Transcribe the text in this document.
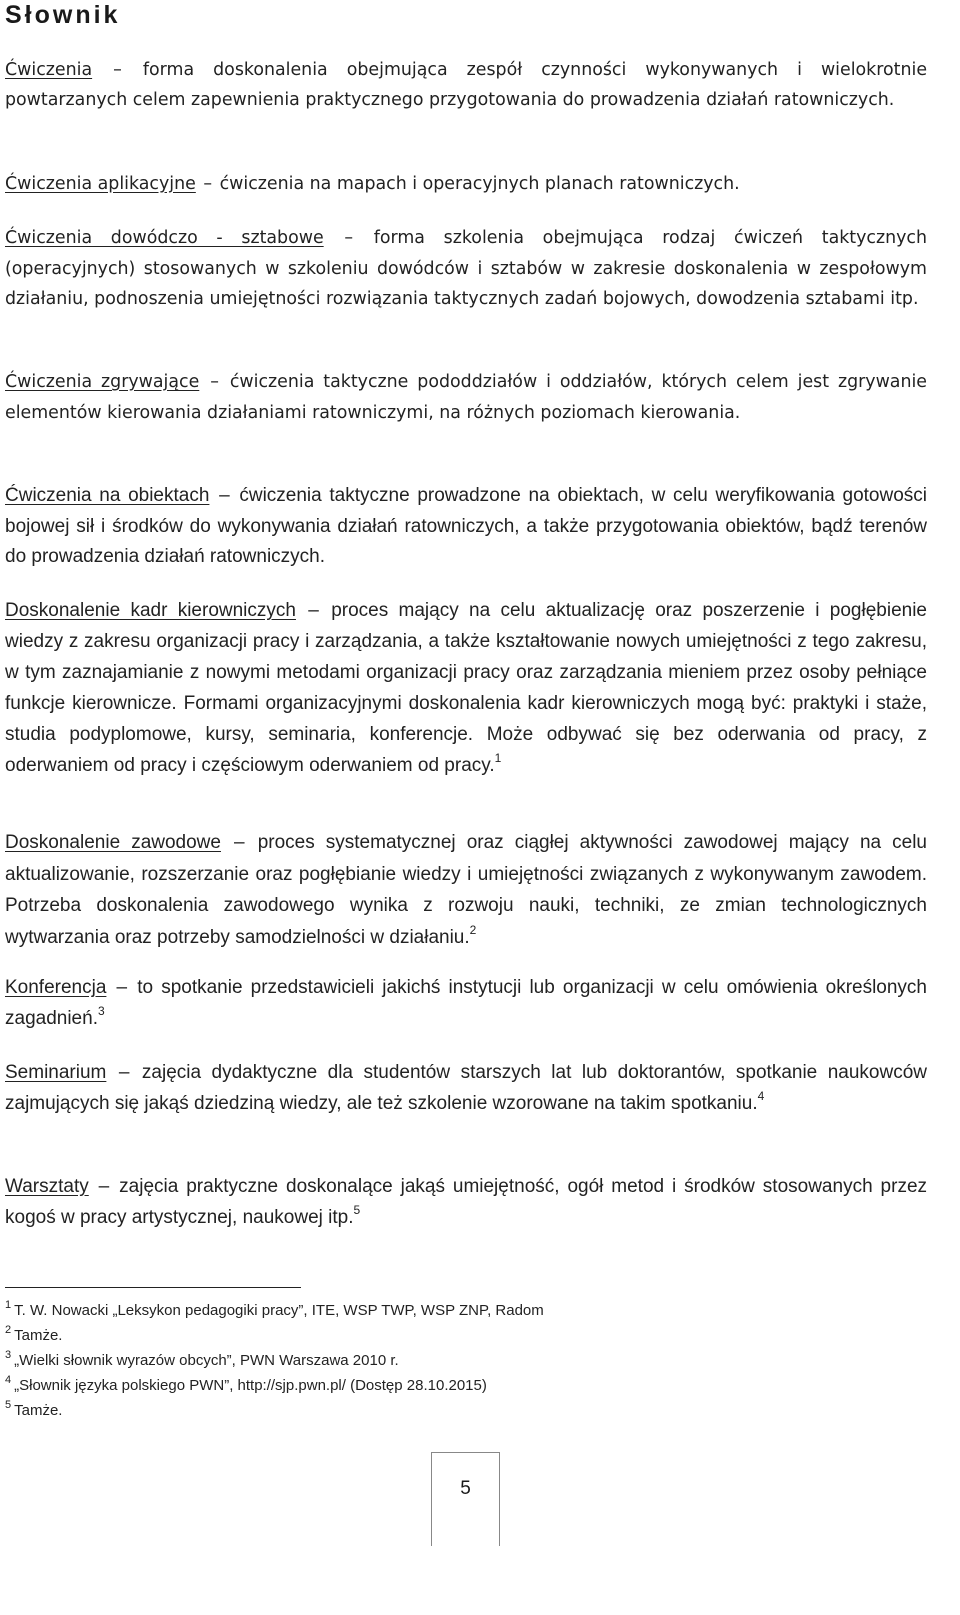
Słownik

Ćwiczenia – forma doskonalenia obejmująca zespół czynności wykonywanych i wielokrotnie powtarzanych celem zapewnienia praktycznego przygotowania do prowadzenia działań ratowniczych.

Ćwiczenia aplikacyjne – ćwiczenia na mapach i operacyjnych planach ratowniczych.

Ćwiczenia dowódczo - sztabowe – forma szkolenia obejmująca rodzaj ćwiczeń taktycznych (operacyjnych) stosowanych w szkoleniu dowódców i sztabów w zakresie doskonalenia w zespołowym działaniu, podnoszenia umiejętności rozwiązania taktycznych zadań bojowych, dowodzenia sztabami itp.

Ćwiczenia zgrywające – ćwiczenia taktyczne pododdziałów i oddziałów, których celem jest zgrywanie elementów kierowania działaniami ratowniczymi, na różnych poziomach kierowania.

Ćwiczenia na obiektach – ćwiczenia taktyczne prowadzone na obiektach, w celu weryfikowania gotowości bojowej sił i środków do wykonywania działań ratowniczych, a także przygotowania obiektów, bądź terenów do prowadzenia działań ratowniczych.

Doskonalenie kadr kierowniczych – proces mający na celu aktualizację oraz poszerzenie i pogłębienie wiedzy z zakresu organizacji pracy i zarządzania, a także kształtowanie nowych umiejętności z tego zakresu, w tym zaznajamianie z nowymi metodami organizacji pracy oraz zarządzania mieniem przez osoby pełniące funkcje kierownicze. Formami organizacyjnymi doskonalenia kadr kierowniczych mogą być: praktyki i staże, studia podyplomowe, kursy, seminaria, konferencje. Może odbywać się bez oderwania od pracy, z oderwaniem od pracy i częściowym oderwaniem od pracy.$^1$

Doskonalenie zawodowe – proces systematycznej oraz ciągłej aktywności zawodowej mający na celu aktualizowanie, rozszerzanie oraz pogłębianie wiedzy i umiejętności związanych z wykonywanym zawodem. Potrzeba doskonalenia zawodowego wynika z rozwoju nauki, techniki, ze zmian technologicznych wytwarzania oraz potrzeby samodzielności w działaniu.$^2$

Konferencja – to spotkanie przedstawicieli jakichś instytucji lub organizacji w celu omówienia określonych zagadnień.$^3$

Seminarium – zajęcia dydaktyczne dla studentów starszych lat lub doktorantów, spotkanie naukowców zajmujących się jakąś dziedziną wiedzy, ale też szkolenie wzorowane na takim spotkaniu.$^4$

Warsztaty – zajęcia praktyczne doskonalące jakąś umiejętność, ogół metod i środków stosowanych przez kogoś w pracy artystycznej, naukowej itp.$^5$

$^1$ T. W. Nowacki „Leksykon pedagogiki pracy”, ITE, WSP TWP, WSP ZNP, Radom
$^2$ Tamże.
$^3$ „Wielki słownik wyrazów obcych”, PWN Warszawa 2010 r.
$^4$ „Słownik języka polskiego PWN”, http://sjp.pwn.pl/ (Dostęp 28.10.2015)
$^5$ Tamże.
5
